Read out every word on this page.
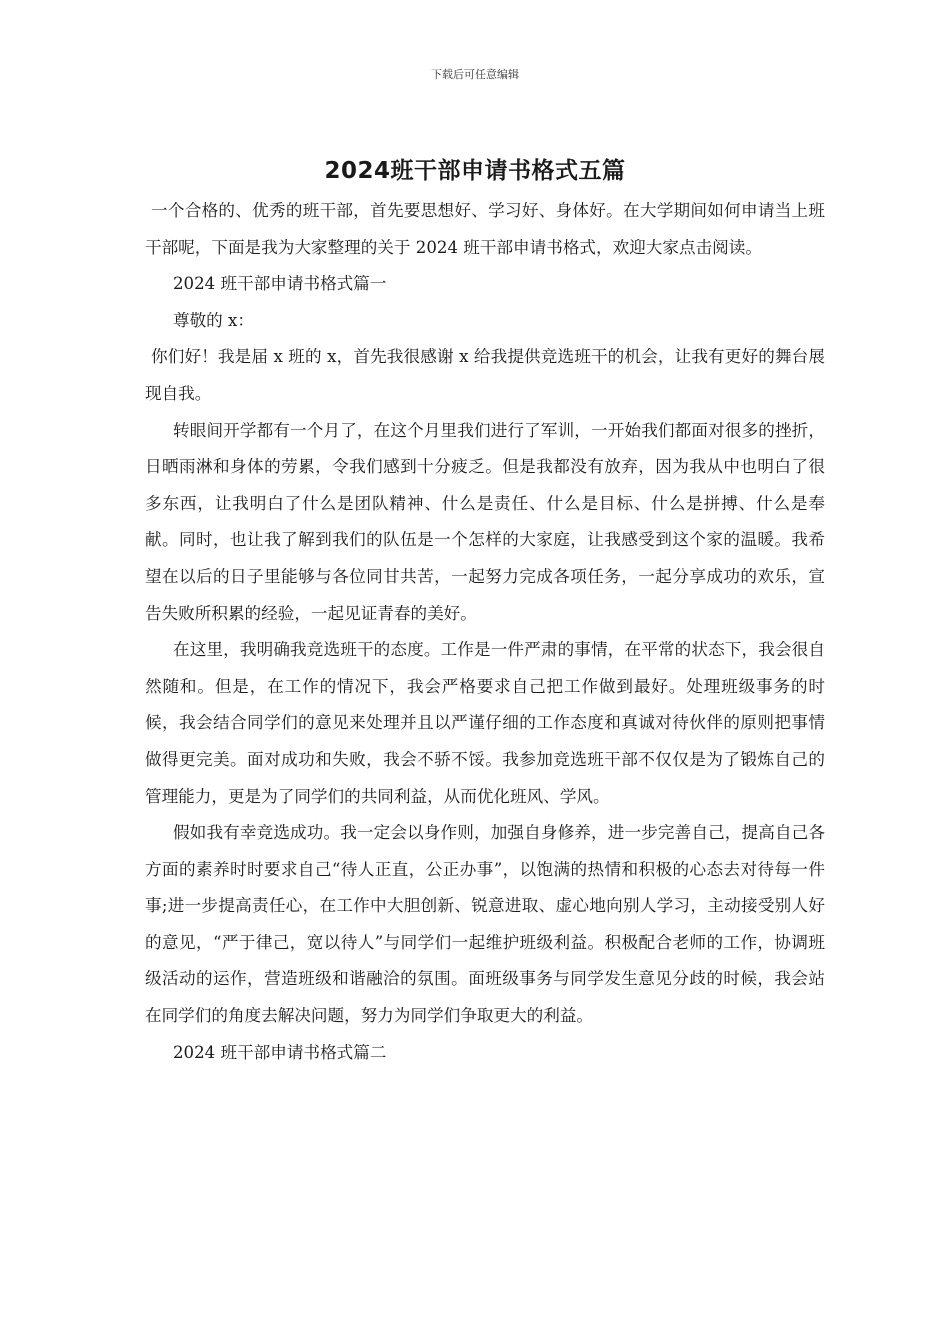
下载后可任意编辑
2024班干部申请书格式五篇

一个合格的、优秀的班干部，首先要思想好、学习好、身体好。在大学期间如何申请当上班干部呢，下面是我为大家整理的关于 2024 班干部申请书格式，欢迎大家点击阅读。

2024 班干部申请书格式篇一

尊敬的 x：

你们好！我是届 x 班的 x，首先我很感谢 x 给我提供竞选班干的机会，让我有更好的舞台展现自我。

转眼间开学都有一个月了，在这个月里我们进行了军训，一开始我们都面对很多的挫折，日晒雨淋和身体的劳累，令我们感到十分疲乏。但是我都没有放弃，因为我从中也明白了很多东西，让我明白了什么是团队精神、什么是责任、什么是目标、什么是拼搏、什么是奉献。同时，也让我了解到我们的队伍是一个怎样的大家庭，让我感受到这个家的温暖。我希望在以后的日子里能够与各位同甘共苦，一起努力完成各项任务，一起分享成功的欢乐，宣告失败所积累的经验，一起见证青春的美好。

在这里，我明确我竞选班干的态度。工作是一件严肃的事情，在平常的状态下，我会很自然随和。但是，在工作的情况下，我会严格要求自己把工作做到最好。处理班级事务的时候，我会结合同学们的意见来处理并且以严谨仔细的工作态度和真诚对待伙伴的原则把事情做得更完美。面对成功和失败，我会不骄不馁。我参加竞选班干部不仅仅是为了锻炼自己的管理能力，更是为了同学们的共同利益，从而优化班风、学风。

假如我有幸竞选成功。我一定会以身作则，加强自身修养，进一步完善自己，提高自己各方面的素养时时要求自己“待人正直，公正办事”，以饱满的热情和积极的心态去对待每一件事;进一步提高责任心，在工作中大胆创新、锐意进取、虚心地向别人学习，主动接受别人好的意见，“严于律己，宽以待人”与同学们一起维护班级利益。积极配合老师的工作，协调班级活动的运作，营造班级和谐融洽的氛围。面班级事务与同学发生意见分歧的时候，我会站在同学们的角度去解决问题，努力为同学们争取更大的利益。

2024 班干部申请书格式篇二
